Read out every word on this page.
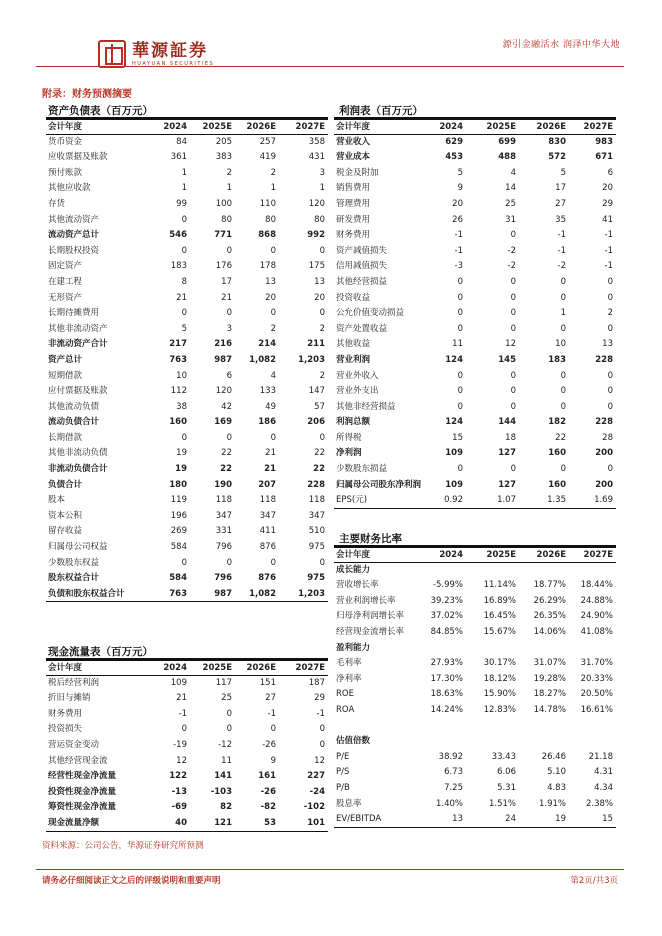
華源証券
HUAYUAN SECURITIES
源引金融活水 润泽中华大地
附录：财务预测摘要
资产负债表（百万元）
会计年度	2024 2025E 2026E 2027E
货币资金	84	205	257	358
应收票据及账款	361	383	419	431
预付账款	1	2	2	3
其他应收款	1	1	1	1
存货	99	100	110	120
其他流动资产	0	80	80	80
流动资产总计	546	771	868	992
长期股权投资	0	0	0	0
固定资产	183	176	178	175
在建工程	8	17	13	13
无形资产	21	21	20	20
长期待摊费用	0	0	0	0
其他非流动资产	5	3	2	2
非流动资产合计	217	216	214	211
资产总计	763	987 1,082	1,203
短期借款	10	6	4	2
应付票据及账款	112	120	133	147
其他流动负债	38	42	49	57
流动负债合计	160	169	186	206
长期借款	0	0	0	0
其他非流动负债	19	22	21	22
非流动负债合计	19	22	21	22
负债合计	180	190	207	228
股本	119	118	118	118
资本公积	196	347	347	347
留存收益	269	331	411	510
归属母公司权益	584	796	876	975
少数股东权益	0	0	0	0
股东权益合计	584	796	876	975
负债和股东权益合计	763	987 1,082	1,203
利润表（百万元）
会计年度	2024	2025E 2026E 2027E
营业收入	629	699	830	983
营业成本	453	488	572	671
税金及附加	5	4	5	6
销售费用	9	14	17	20
管理费用	20	25	27	29
研发费用	26	31	35	41
财务费用	-1	0	-1	-1
资产减值损失	-1	-2	-1	-1
信用减值损失	-3	-2	-2	-1
其他经营损益	0	0	0	0
投资收益	0	0	0	0
公允价值变动损益	0	0	1	2
资产处置收益	0	0	0	0
其他收益	11	12	10	13
营业利润	124	145	183	228
营业外收入	0	0	0	0
营业外支出	0	0	0	0
其他非经营损益	0	0	0	0
利润总额	124	144	182	228
所得税	15	18	22	28
净利润	109	127	160	200
少数股东损益	0	0	0	0
归属母公司股东净利润	109	127	160	200
EPS(元)	0.92	1.07	1.35	1.69
主要财务比率
会计年度	2024	2025E 2026E 2027E
成长能力
营收增长率	-5.99% 11.14% 18.77% 18.44%
营业利润增长率	39.23% 16.89% 26.29% 24.88%
归母净利润增长率	37.02% 16.45% 26.35% 24.90%
经营现金流增长率	84.85% 15.67% 14.06% 41.08%
盈利能力
毛利率	27.93% 30.17% 31.07% 31.70%
净利率	17.30% 18.12% 19.28% 20.33%
ROE	18.63% 15.90% 18.27% 20.50%
ROA	14.24% 12.83% 14.78% 16.61%
估值倍数
P/E	38.92	33.43	26.46	21.18
P/S	6.73	6.06	5.10	4.31
P/B	7.25	5.31	4.83	4.34
股息率	1.40%	1.51%	1.91% 2.38%
EV/EBITDA	13	24	19	15
现金流量表（百万元）
会计年度	2024 2025E 2026E 2027E
税后经营利润	109	117	151	187
折旧与摊销	21	25	27	29
财务费用	-1	0	-1	-1
投资损失	0	0	0	0
营运资金变动	-19	-12	-26	0
其他经营现金流	12	11	9	12
经营性现金净流量	122	141	161	227
投资性现金净流量	-13	-103	-26	-24
筹资性现金净流量	-69	82	-82	-102
现金流量净额	40	121	53	101
资料来源：公司公告，华源证券研究所预测
请务必仔细阅读正文之后的评级说明和重要声明	第2页/共3页
